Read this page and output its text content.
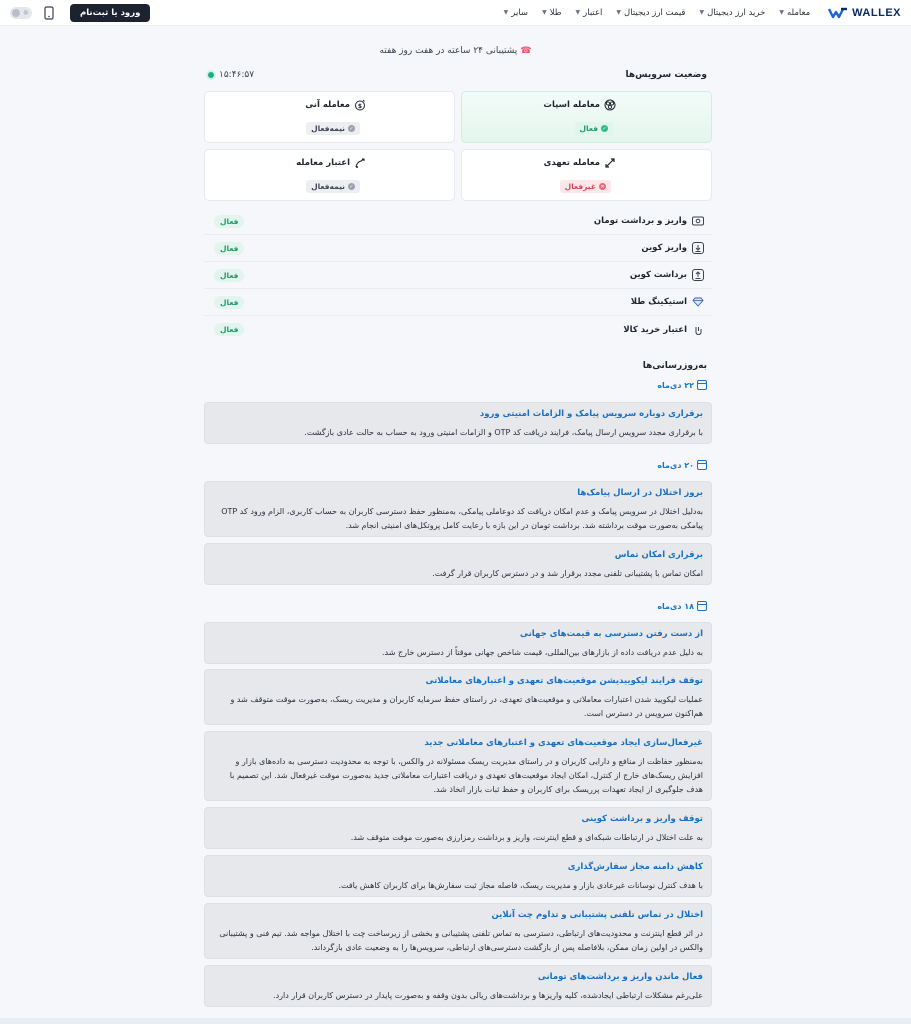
WALLEX
معامله
▼
خرید ارز دیجیتال
▼
قیمت ارز دیجیتال
▼
اعتبار
▼
طلا
▼
سایر
▼
ورود یا ثبت‌نام
☼
☎پشتیبانی ۲۴ ساعته در هفت روز هفته
وضعیت سرویس‌ها
۱۵:۴۶:۵۷
معامله اسپات
✓
فعال
$
معامله آنی
✓
نیمه‌فعال
معامله تعهدی
✕
غیرفعال
اعتبار معامله
✓
نیمه‌فعال
واریز و برداشت تومان
فعال
واریز کوین
فعال
برداشت کوین
فعال
استیکینگ طلا
فعال
اعتبار خرید کالا
فعال
به‌روزرسانی‌ها
۲۲ دی‌ماه
برقراری دوباره سرویس پیامک و الزامات امنیتی ورود
با برقراری مجدد سرویس ارسال پیامک، فرایند دریافت کد OTP و الزامات امنیتی ورود به حساب به حالت عادی بازگشت.
۲۰ دی‌ماه
بروز اختلال در ارسال پیامک‌ها
به‌دلیل اختلال در سرویس پیامک و عدم امکان دریافت کد دوعاملی پیامکی، به‌منظور حفظ دسترسی کاربران به حساب کاربری، الزام ورود کد OTP پیامکی به‌صورت موقت برداشته شد. برداشت تومان در این بازه با رعایت کامل پروتکل‌های امنیتی انجام شد.
برقراری امکان تماس
امکان تماس با پشتیبانی تلفنی مجدد برقرار شد و در دسترس کاربران قرار گرفت.
۱۸ دی‌ماه
از دست رفتن دسترسی به قیمت‌های جهانی
به دلیل عدم دریافت داده از بازارهای بین‌المللی، قیمت شاخص جهانی موقتاً از دسترس خارج شد.
توقف فرایند لیکوییدیشن موقعیت‌های تعهدی و اعتبارهای معاملاتی
عملیات لیکویید شدن اعتبارات معاملاتی و موقعیت‌های تعهدی، در راستای حفظ سرمایه کاربران و مدیریت ریسک، به‌صورت موقت متوقف شد و هم‌اکنون سرویس در دسترس است.
غیرفعال‌سازی ایجاد موقعیت‌های تعهدی و اعتبارهای معاملاتی جدید
به‌منظور حفاظت از منافع و دارایی کاربران و در راستای مدیریت ریسک مسئولانه در والکس، با توجه به محدودیت دسترسی به داده‌های بازار و افزایش ریسک‌های خارج از کنترل، امکان ایجاد موقعیت‌های تعهدی و دریافت اعتبارات معاملاتی جدید به‌صورت موقت غیرفعال شد. این تصمیم با هدف جلوگیری از ایجاد تعهدات پرریسک برای کاربران و حفظ ثبات بازار اتخاذ شد.
توقف واریز و برداشت کوینی
به علت اختلال در ارتباطات شبکه‌ای و قطع اینترنت، واریز و برداشت رمزارزی به‌صورت موقت متوقف شد.
کاهش دامنه مجاز سفارش‌گذاری
با هدف کنترل نوسانات غیرعادی بازار و مدیریت ریسک، فاصله مجاز ثبت سفارش‌ها برای کاربران کاهش یافت.
اختلال در تماس تلفنی پشتیبانی و تداوم چت آنلاین
در اثر قطع اینترنت و محدودیت‌های ارتباطی، دسترسی به تماس تلفنی پشتیبانی و بخشی از زیرساخت چت با اختلال مواجه شد. تیم فنی و پشتیبانی والکس در اولین زمان ممکن، بلافاصله پس از بازگشت دسترسی‌های ارتباطی، سرویس‌ها را به وضعیت عادی بازگرداند.
فعال ماندن واریز و برداشت‌های تومانی
علی‌رغم مشکلات ارتباطی ایجادشده، کلیه واریزها و برداشت‌های ریالی بدون وقفه و به‌صورت پایدار در دسترس کاربران قرار دارد.
